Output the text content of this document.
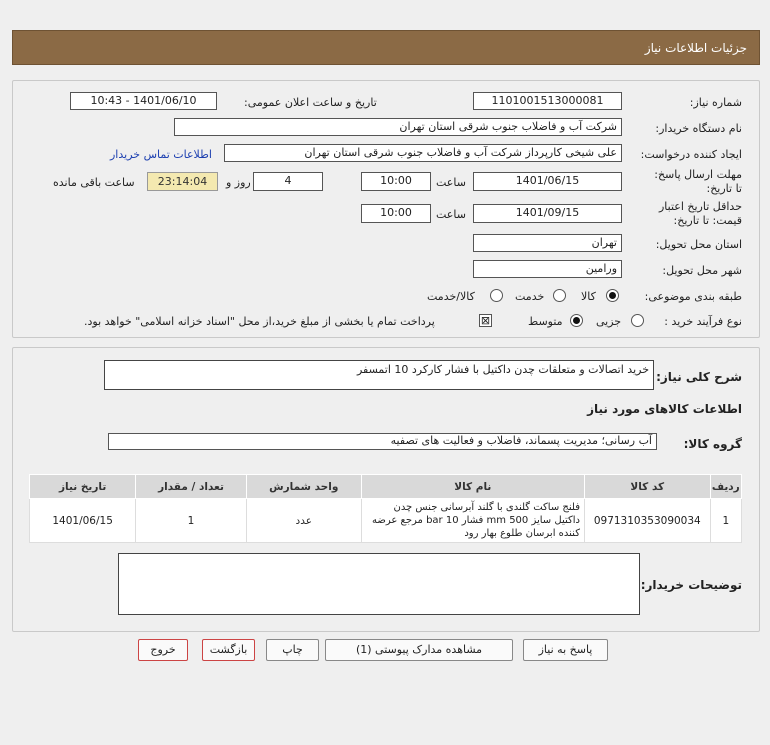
جزئیات اطلاعات نیاز
شماره نیاز:
1101001513000081
تاریخ و ساعت اعلان عمومی:
1401/06/10 - 10:43
نام دستگاه خریدار:
شرکت آب و فاضلاب جنوب شرقی استان تهران
ایجاد کننده درخواست:
علی شیخی کارپرداز شرکت آب و فاضلاب جنوب شرقی استان تهران
اطلاعات تماس خریدار
مهلت ارسال پاسخ: تا تاریخ:
1401/06/15
ساعت
10:00
4
روز و
23:14:04
ساعت باقی مانده
حداقل تاریخ اعتبار قیمت: تا تاریخ:
1401/09/15
ساعت
10:00
استان محل تحویل:
تهران
شهر محل تحویل:
ورامین
طبقه بندی موضوعی:
کالا
خدمت
کالا/خدمت
نوع فرآیند خرید :
جزیی
متوسط
⊠
پرداخت تمام یا بخشی از مبلغ خرید،از محل "اسناد خزانه اسلامی" خواهد بود.
شرح کلی نیاز:
خرید اتصالات و متعلقات چدن داکتیل با فشار کارکرد 10 اتمسفر
اطلاعات کالاهای مورد نیاز
گروه کالا:
آب رسانی؛ مدیریت پسماند، فاضلاب و فعالیت های تصفیه
ردیف	کد کالا	نام کالا	واحد شمارش	تعداد / مقدار	تاریخ نیاز
1	0971310353090034	فلنج ساکت گلندی با گلند آبرسانی جنس چدن داکتیل سایز 500 mm فشار 10 bar مرجع عرضه کننده ابرسان طلوع بهار رود	عدد	1	1401/06/15
توضیحات خریدار:
پاسخ به نیاز
مشاهده مدارک پیوستی (1)
چاپ
بازگشت
خروج
